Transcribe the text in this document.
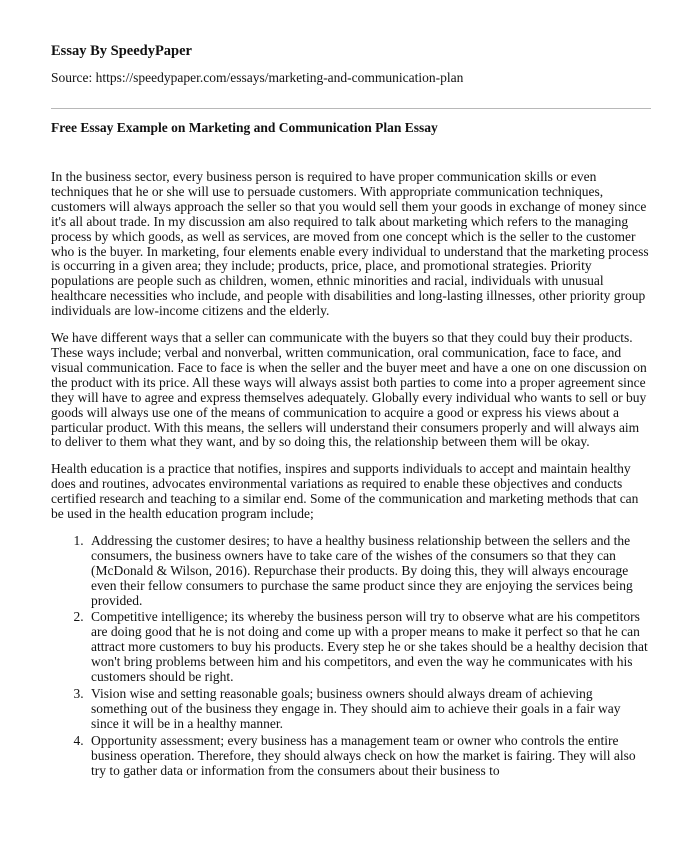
Essay By SpeedyPaper
Source: https://speedypaper.com/essays/marketing-and-communication-plan
Free Essay Example on Marketing and Communication Plan Essay

In the business sector, every business person is required to have proper communication skills or even techniques that he or she will use to persuade customers. With appropriate communication techniques, customers will always approach the seller so that you would sell them your goods in exchange of money since it's all about trade. In my discussion am also required to talk about marketing which refers to the managing process by which goods, as well as services, are moved from one concept which is the seller to the customer who is the buyer. In marketing, four elements enable every individual to understand that the marketing process is occurring in a given area; they include; products, price, place, and promotional strategies. Priority populations are people such as children, women, ethnic minorities and racial, individuals with unusual healthcare necessities who include, and people with disabilities and long-lasting illnesses, other priority group individuals are low-income citizens and the elderly.

We have different ways that a seller can communicate with the buyers so that they could buy their products. These ways include; verbal and nonverbal, written communication, oral communication, face to face, and visual communication. Face to face is when the seller and the buyer meet and have a one on one discussion on the product with its price. All these ways will always assist both parties to come into a proper agreement since they will have to agree and express themselves adequately. Globally every individual who wants to sell or buy goods will always use one of the means of communication to acquire a good or express his views about a particular product. With this means, the sellers will understand their consumers properly and will always aim to deliver to them what they want, and by so doing this, the relationship between them will be okay.

Health education is a practice that notifies, inspires and supports individuals to accept and maintain healthy does and routines, advocates environmental variations as required to enable these objectives and conducts certified research and teaching to a similar end. Some of the communication and marketing methods that can be used in the health education program include;

1. Addressing the customer desires; to have a healthy business relationship between the sellers and the consumers, the business owners have to take care of the wishes of the consumers so that they can (McDonald & Wilson, 2016). Repurchase their products. By doing this, they will always encourage even their fellow consumers to purchase the same product since they are enjoying the services being provided.
2. Competitive intelligence; its whereby the business person will try to observe what are his competitors are doing good that he is not doing and come up with a proper means to make it perfect so that he can attract more customers to buy his products. Every step he or she takes should be a healthy decision that won't bring problems between him and his competitors, and even the way he communicates with his customers should be right.
3. Vision wise and setting reasonable goals; business owners should always dream of achieving something out of the business they engage in. They should aim to achieve their goals in a fair way since it will be in a healthy manner.
4. Opportunity assessment; every business has a management team or owner who controls the entire business operation. Therefore, they should always check on how the market is fairing. They will also try to gather data or information from the consumers about their business to
